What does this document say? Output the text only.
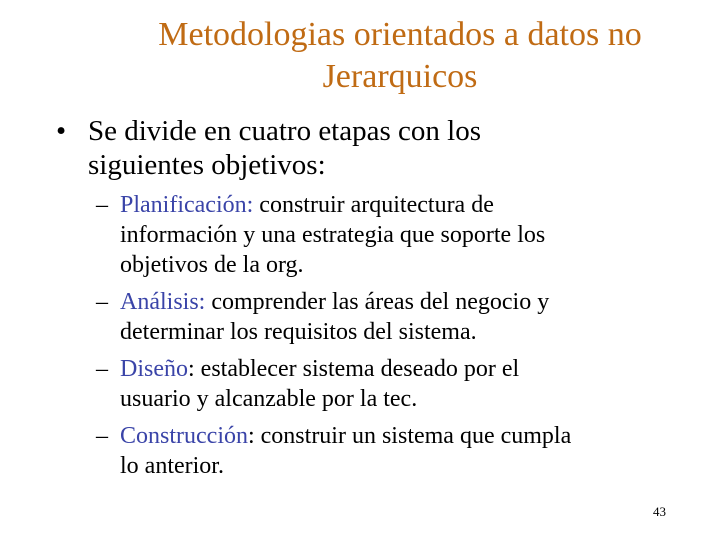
Metodologias orientados a datos no
Jerarquicos
• Se divide en cuatro etapas con los
siguientes objetivos:
– Planificación: construir arquitectura de
información y una estrategia que soporte los
objetivos de la org.
– Análisis: comprender las áreas del negocio y
determinar los requisitos del sistema.
– Diseño: establecer sistema deseado por el
usuario y alcanzable por la tec.
– Construcción: construir un sistema que cumpla
lo anterior.
43
